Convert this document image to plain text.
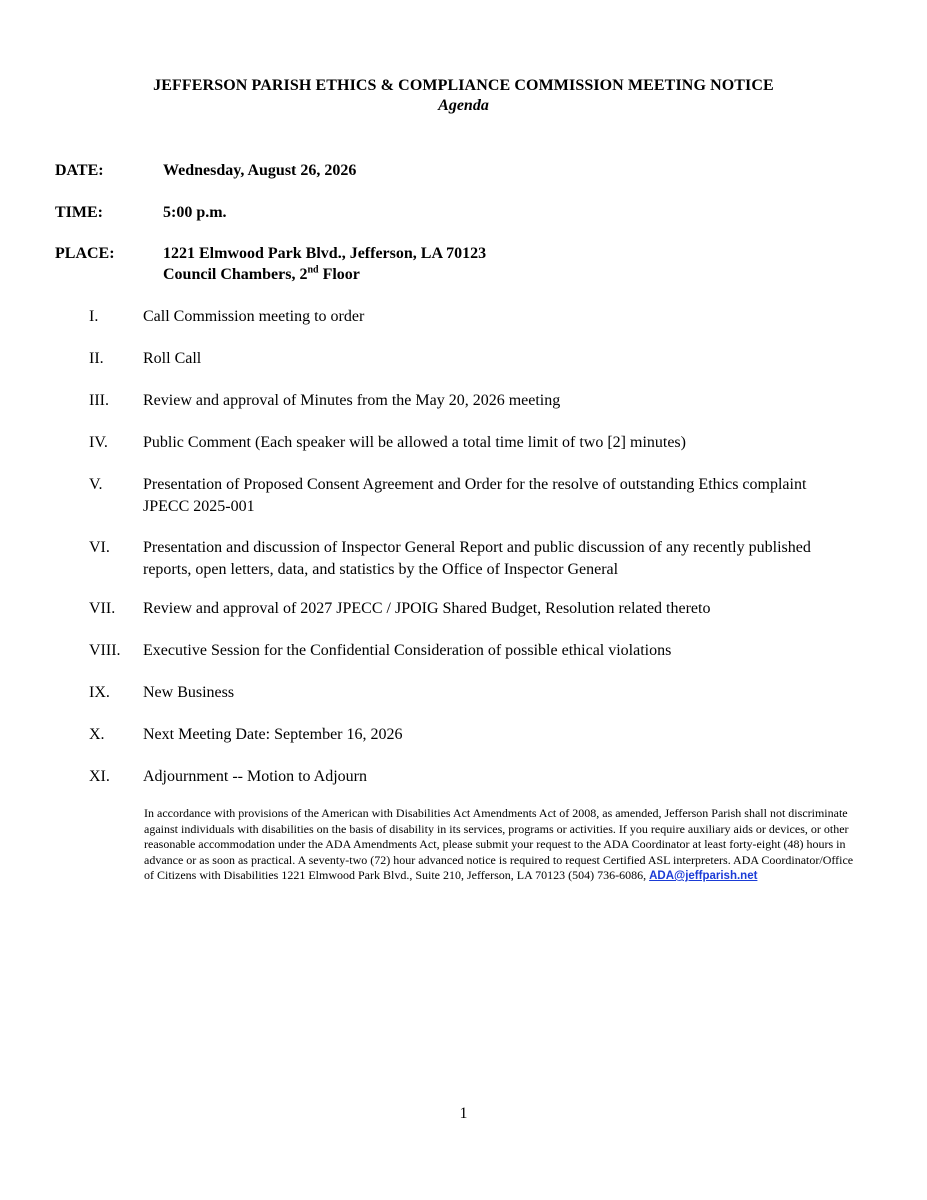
JEFFERSON PARISH ETHICS & COMPLIANCE COMMISSION MEETING NOTICE
Agenda
DATE:	Wednesday, August 26, 2026
TIME:	5:00 p.m.
PLACE:	1221 Elmwood Park Blvd., Jefferson, LA 70123
Council Chambers, 2nd Floor
I.	Call Commission meeting to order
II.	Roll Call
III.	Review and approval of Minutes from the May 20, 2026 meeting
IV.	Public Comment (Each speaker will be allowed a total time limit of two [2] minutes)
V.	Presentation of Proposed Consent Agreement and Order for the resolve of outstanding Ethics complaint JPECC 2025-001
VI.	Presentation and discussion of Inspector General Report and public discussion of any recently published reports, open letters, data, and statistics by the Office of Inspector General
VII.	Review and approval of 2027 JPECC / JPOIG Shared Budget, Resolution related thereto
VIII.	Executive Session for the Confidential Consideration of possible ethical violations
IX.	New Business
X.	Next Meeting Date: September 16, 2026
XI.	Adjournment -- Motion to Adjourn
In accordance with provisions of the American with Disabilities Act Amendments Act of 2008, as amended, Jefferson Parish shall not discriminate against individuals with disabilities on the basis of disability in its services, programs or activities. If you require auxiliary aids or devices, or other reasonable accommodation under the ADA Amendments Act, please submit your request to the ADA Coordinator at least forty-eight (48) hours in advance or as soon as practical. A seventy-two (72) hour advanced notice is required to request Certified ASL interpreters. ADA Coordinator/Office of Citizens with Disabilities 1221 Elmwood Park Blvd., Suite 210, Jefferson, LA 70123 (504) 736-6086, ADA@jeffparish.net
1
